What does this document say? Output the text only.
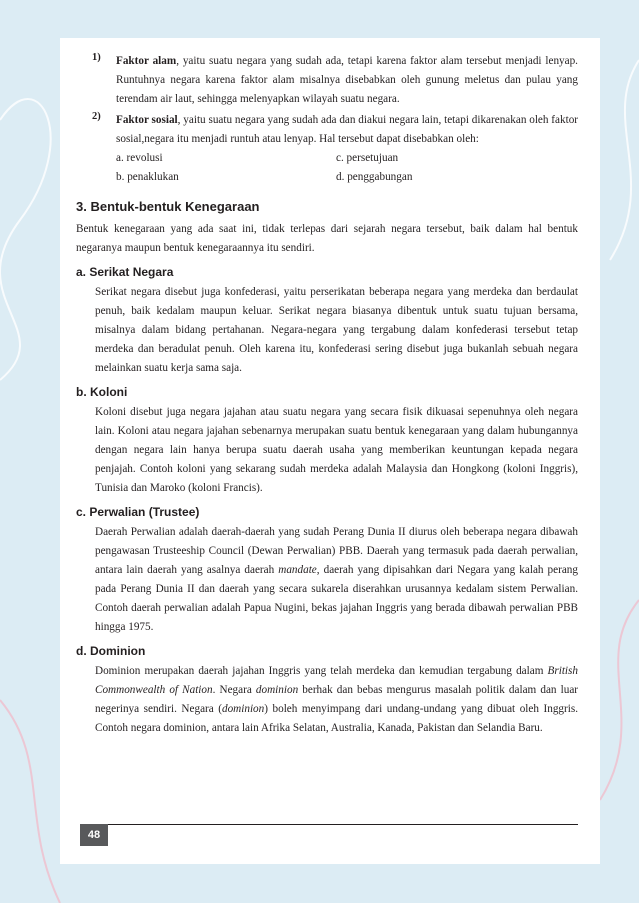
1) Faktor alam, yaitu suatu negara yang sudah ada, tetapi karena faktor alam tersebut menjadi lenyap. Runtuhnya negara karena faktor alam misalnya disebabkan oleh gunung meletus dan pulau yang terendam air laut, sehingga melenyapkan wilayah suatu negara.

2) Faktor sosial, yaitu suatu negara yang sudah ada dan diakui negara lain, tetapi dikarenakan oleh faktor sosial,negara itu menjadi runtuh atau lenyap. Hal tersebut dapat disebabkan oleh:

a. revolusi	c. persetujuan
b. penaklukan	d. penggabungan
3. Bentuk-bentuk Kenegaraan

Bentuk kenegaraan yang ada saat ini, tidak terlepas dari sejarah negara tersebut, baik dalam hal bentuk negaranya maupun bentuk kenegaraannya itu sendiri.

a. Serikat Negara

Serikat negara disebut juga konfederasi, yaitu perserikatan beberapa negara yang merdeka dan berdaulat penuh, baik kedalam maupun keluar. Serikat negara biasanya dibentuk untuk suatu tujuan bersama, misalnya dalam bidang pertahanan. Negara-negara yang tergabung dalam konfederasi tersebut tetap merdeka dan beradulat penuh. Oleh karena itu, konfederasi sering disebut juga bukanlah sebuah negara melainkan suatu kerja sama saja.

b. Koloni

Koloni disebut juga negara jajahan atau suatu negara yang secara fisik dikuasai sepenuhnya oleh negara lain. Koloni atau negara jajahan sebenarnya merupakan suatu bentuk kenegaraan yang dalam hubungannya dengan negara lain hanya berupa suatu daerah usaha yang memberikan keuntungan kepada negara penjajah. Contoh koloni yang sekarang sudah merdeka adalah Malaysia dan Hongkong (koloni Inggris), Tunisia dan Maroko (koloni Francis).

c. Perwalian (Trustee)

Daerah Perwalian adalah daerah-daerah yang sudah Perang Dunia II diurus oleh beberapa negara dibawah pengawasan Trusteeship Council (Dewan Perwalian) PBB. Daerah yang termasuk pada daerah perwalian, antara lain daerah yang asalnya daerah mandate, daerah yang dipisahkan dari Negara yang kalah perang pada Perang Dunia II dan daerah yang secara sukarela diserahkan urusannya kedalam sistem Perwalian. Contoh daerah perwalian adalah Papua Nugini, bekas jajahan Inggris yang berada dibawah perwalian PBB hingga 1975.

d. Dominion

Dominion merupakan daerah jajahan Inggris yang telah merdeka dan kemudian tergabung dalam British Commonwealth of Nation. Negara dominion berhak dan bebas mengurus masalah politik dalam dan luar negerinya sendiri. Negara (dominion) boleh menyimpang dari undang-undang yang dibuat oleh Inggris. Contoh negara dominion, antara lain Afrika Selatan, Australia, Kanada, Pakistan dan Selandia Baru.

48
